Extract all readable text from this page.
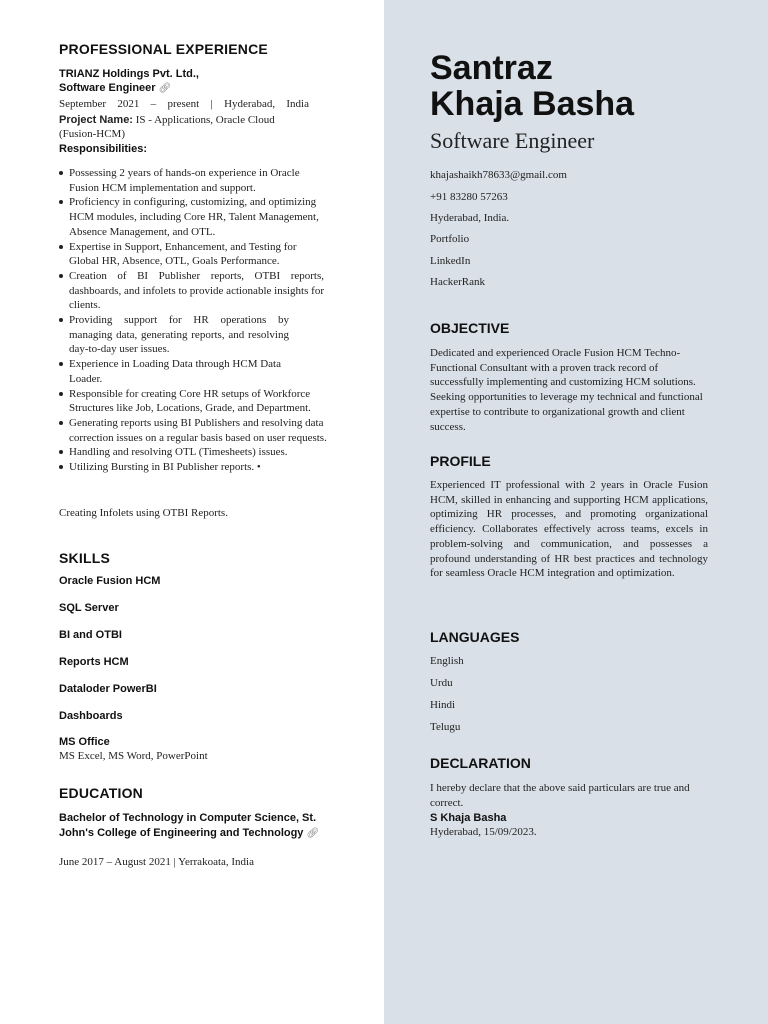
PROFESSIONAL EXPERIENCE
TRIANZ Holdings Pvt. Ltd.,
Software Engineer 🔗︎
September 2021 – present | Hyderabad, India
Project Name: IS - Applications, Oracle Cloud (Fusion-HCM)
Responsibilities:
Possessing 2 years of hands-on experience in Oracle Fusion HCM implementation and support.
Proficiency in configuring, customizing, and optimizing HCM modules, including Core HR, Talent Management, Absence Management, and OTL.
Expertise in Support, Enhancement, and Testing for Global HR, Absence, OTL, Goals Performance.
Creation of BI Publisher reports, OTBI reports, dashboards, and infolets to provide actionable insights for clients.
Providing support for HR operations by managing data, generating reports, and resolving day-to-day user issues.
Experience in Loading Data through HCM Data Loader.
Responsible for creating Core HR setups of Workforce Structures like Job, Locations, Grade, and Department.
Generating reports using BI Publishers and resolving data correction issues on a regular basis based on user requests.
Handling and resolving OTL (Timesheets) issues.
Utilizing Bursting in BI Publisher reports. •
Creating Infolets using OTBI Reports.
SKILLS
Oracle Fusion HCM
SQL Server
BI and OTBI
Reports HCM
Dataloder PowerBI
Dashboards
MS Office
MS Excel, MS Word, PowerPoint
EDUCATION
Bachelor of Technology in Computer Science, St. John's College of Engineering and Technology 🔗︎
June 2017 – August 2021 | Yerrakoata, India
Santraz
Khaja Basha
Software Engineer
khajashaikh78633@gmail.com
+91 83280 57263
Hyderabad, India.
Portfolio
LinkedIn
HackerRank
OBJECTIVE
Dedicated and experienced Oracle Fusion HCM Techno-Functional Consultant with a proven track record of successfully implementing and customizing HCM solutions. Seeking opportunities to leverage my technical and functional expertise to contribute to organizational growth and client success.
PROFILE
Experienced IT professional with 2 years in Oracle Fusion HCM, skilled in enhancing and supporting HCM applications, optimizing HR processes, and promoting organizational efficiency. Collaborates effectively across teams, excels in problem-solving and communication, and possesses a profound understanding of HR best practices and technology for seamless Oracle HCM integration and optimization.
LANGUAGES
English
Urdu
Hindi
Telugu
DECLARATION
I hereby declare that the above said particulars are true and correct.
S Khaja Basha
Hyderabad, 15/09/2023.
